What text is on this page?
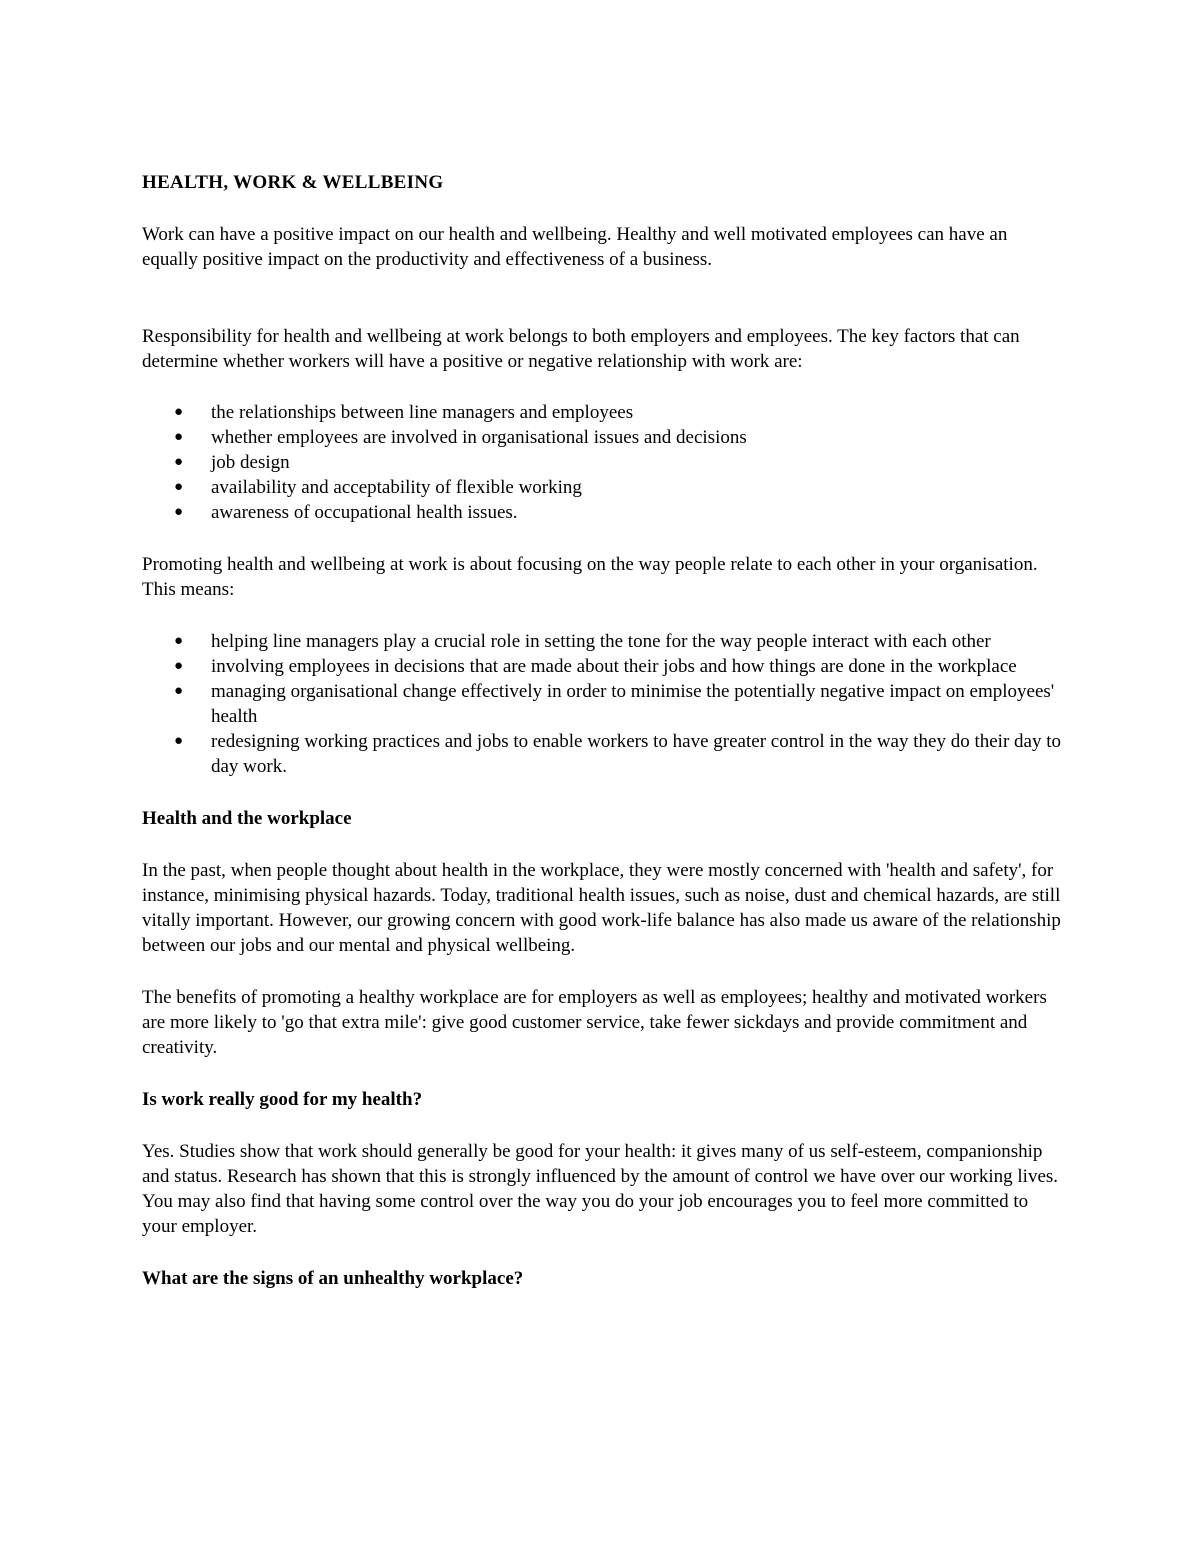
HEALTH, WORK & WELLBEING

Work can have a positive impact on our health and wellbeing. Healthy and well motivated employees can have an equally positive impact on the productivity and effectiveness of a business.

Responsibility for health and wellbeing at work belongs to both employers and employees. The key factors that can determine whether workers will have a positive or negative relationship with work are:

● the relationships between line managers and employees
● whether employees are involved in organisational issues and decisions
● job design
● availability and acceptability of flexible working
● awareness of occupational health issues.

Promoting health and wellbeing at work is about focusing on the way people relate to each other in your organisation. This means:

● helping line managers play a crucial role in setting the tone for the way people interact with each other
● involving employees in decisions that are made about their jobs and how things are done in the workplace
● managing organisational change effectively in order to minimise the potentially negative impact on employees' health
● redesigning working practices and jobs to enable workers to have greater control in the way they do their day to day work.
Health and the workplace

In the past, when people thought about health in the workplace, they were mostly concerned with 'health and safety', for instance, minimising physical hazards. Today, traditional health issues, such as noise, dust and chemical hazards, are still vitally important. However, our growing concern with good work-life balance has also made us aware of the relationship between our jobs and our mental and physical wellbeing.

The benefits of promoting a healthy workplace are for employers as well as employees; healthy and motivated workers are more likely to 'go that extra mile': give good customer service, take fewer sickdays and provide commitment and creativity.

Is work really good for my health?

Yes. Studies show that work should generally be good for your health: it gives many of us self-esteem, companionship and status. Research has shown that this is strongly influenced by the amount of control we have over our working lives. You may also find that having some control over the way you do your job encourages you to feel more committed to your employer.

What are the signs of an unhealthy workplace?
